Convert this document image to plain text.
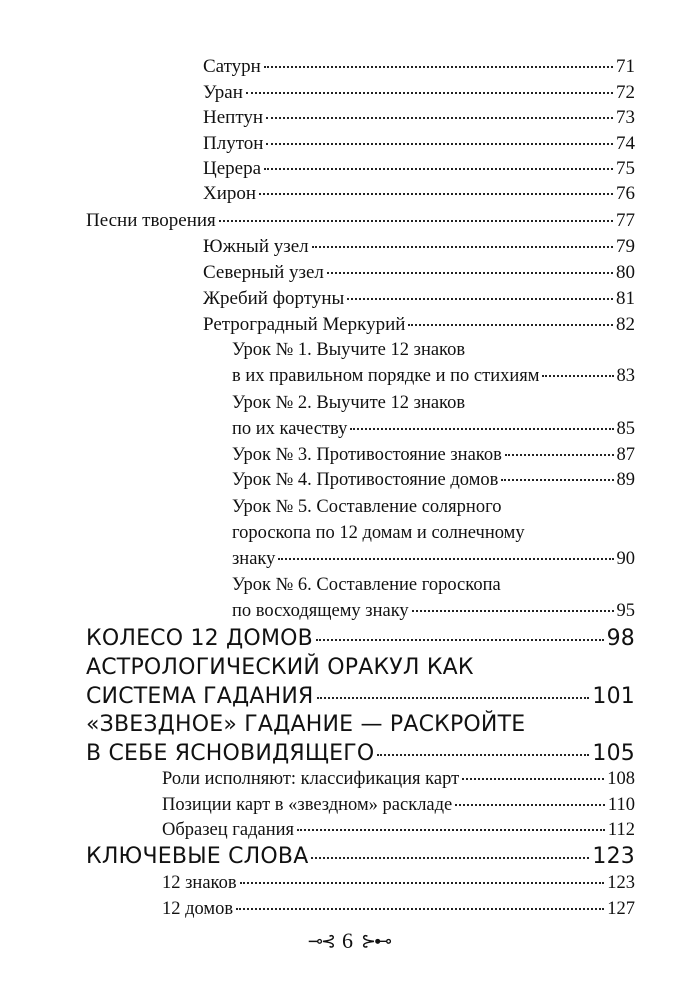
Сатурн	71
Уран	72
Нептун	73
Плутон	74
Церера	75
Хирон	76
Песни творения	77
Южный узел	79
Северный узел	80
Жребий фортуны	81
Ретроградный Меркурий	82
Урок № 1. Выучите 12 знаков
в их правильном порядке и по стихиям	83
Урок № 2. Выучите 12 знаков
по их качеству	85
Урок № 3. Противостояние знаков	87
Урок № 4. Противостояние домов	89
Урок № 5. Составление солярного
гороскопа по 12 домам и солнечному
знаку	90
Урок № 6. Составление гороскопа
по восходящему знаку	95
КОЛЕСО 12 ДОМОВ	98
АСТРОЛОГИЧЕСКИЙ ОРАКУЛ КАК
СИСТЕМА ГАДАНИЯ	101
«ЗВЕЗДНОЕ» ГАДАНИЕ — РАСКРОЙТЕ
В СЕБЕ ЯСНОВИДЯЩЕГО	105
Роли исполняют: классификация карт	108
Позиции карт в «звездном» раскладе	110
Образец гадания	112
КЛЮЧЕВЫЕ СЛОВА	123
12 знаков	123
12 домов	127
⊸⊰ 6 ⊱⊷
